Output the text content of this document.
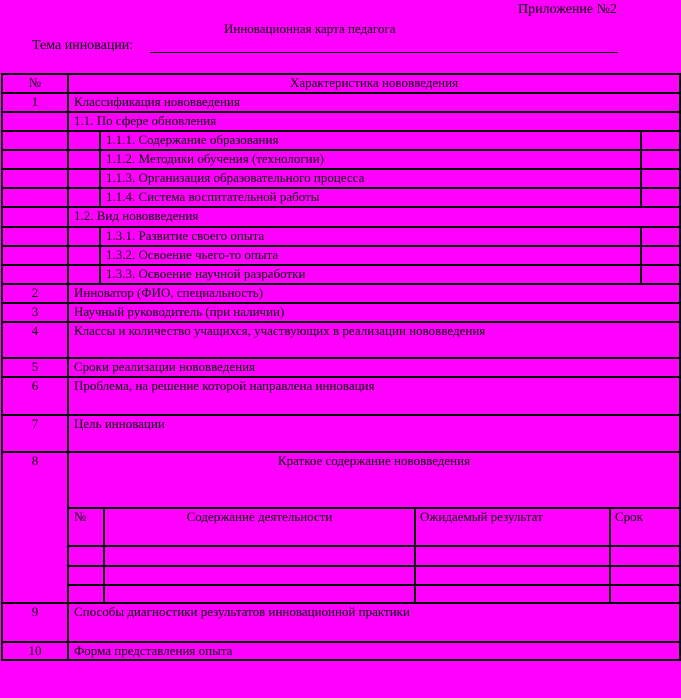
Приложение №2
Инновационная карта педагога
Тема инновации:
№	Характеристика нововведения
1	Классификация нововведения
1.1. По сфере обновления
1.1.1. Содержание образования
1.1.2. Методики обучения (технологии)
1.1.3. Организация образовательного процесса
1.1.4. Система воспитательной работы
1.2. Вид нововведения
1.3.1. Развитие своего опыта
1.3.2. Освоение чьего-то опыта
1.3.3. Освоение научной разработки
2	Инноватор (ФИО, специальность)
3	Научный руководитель (при наличии)
4	Классы и количество учащихся, участвующих в реализации нововведения
5	Сроки реализации нововведения
6	Проблема, на решение которой направлена инновация
7	Цель инновации
8	Краткое содержание нововведения
№	Содержание деятельности	Ожидаемый результат	Срок
9	Способы диагностики результатов инновационной практики
10	Форма представления опыта
